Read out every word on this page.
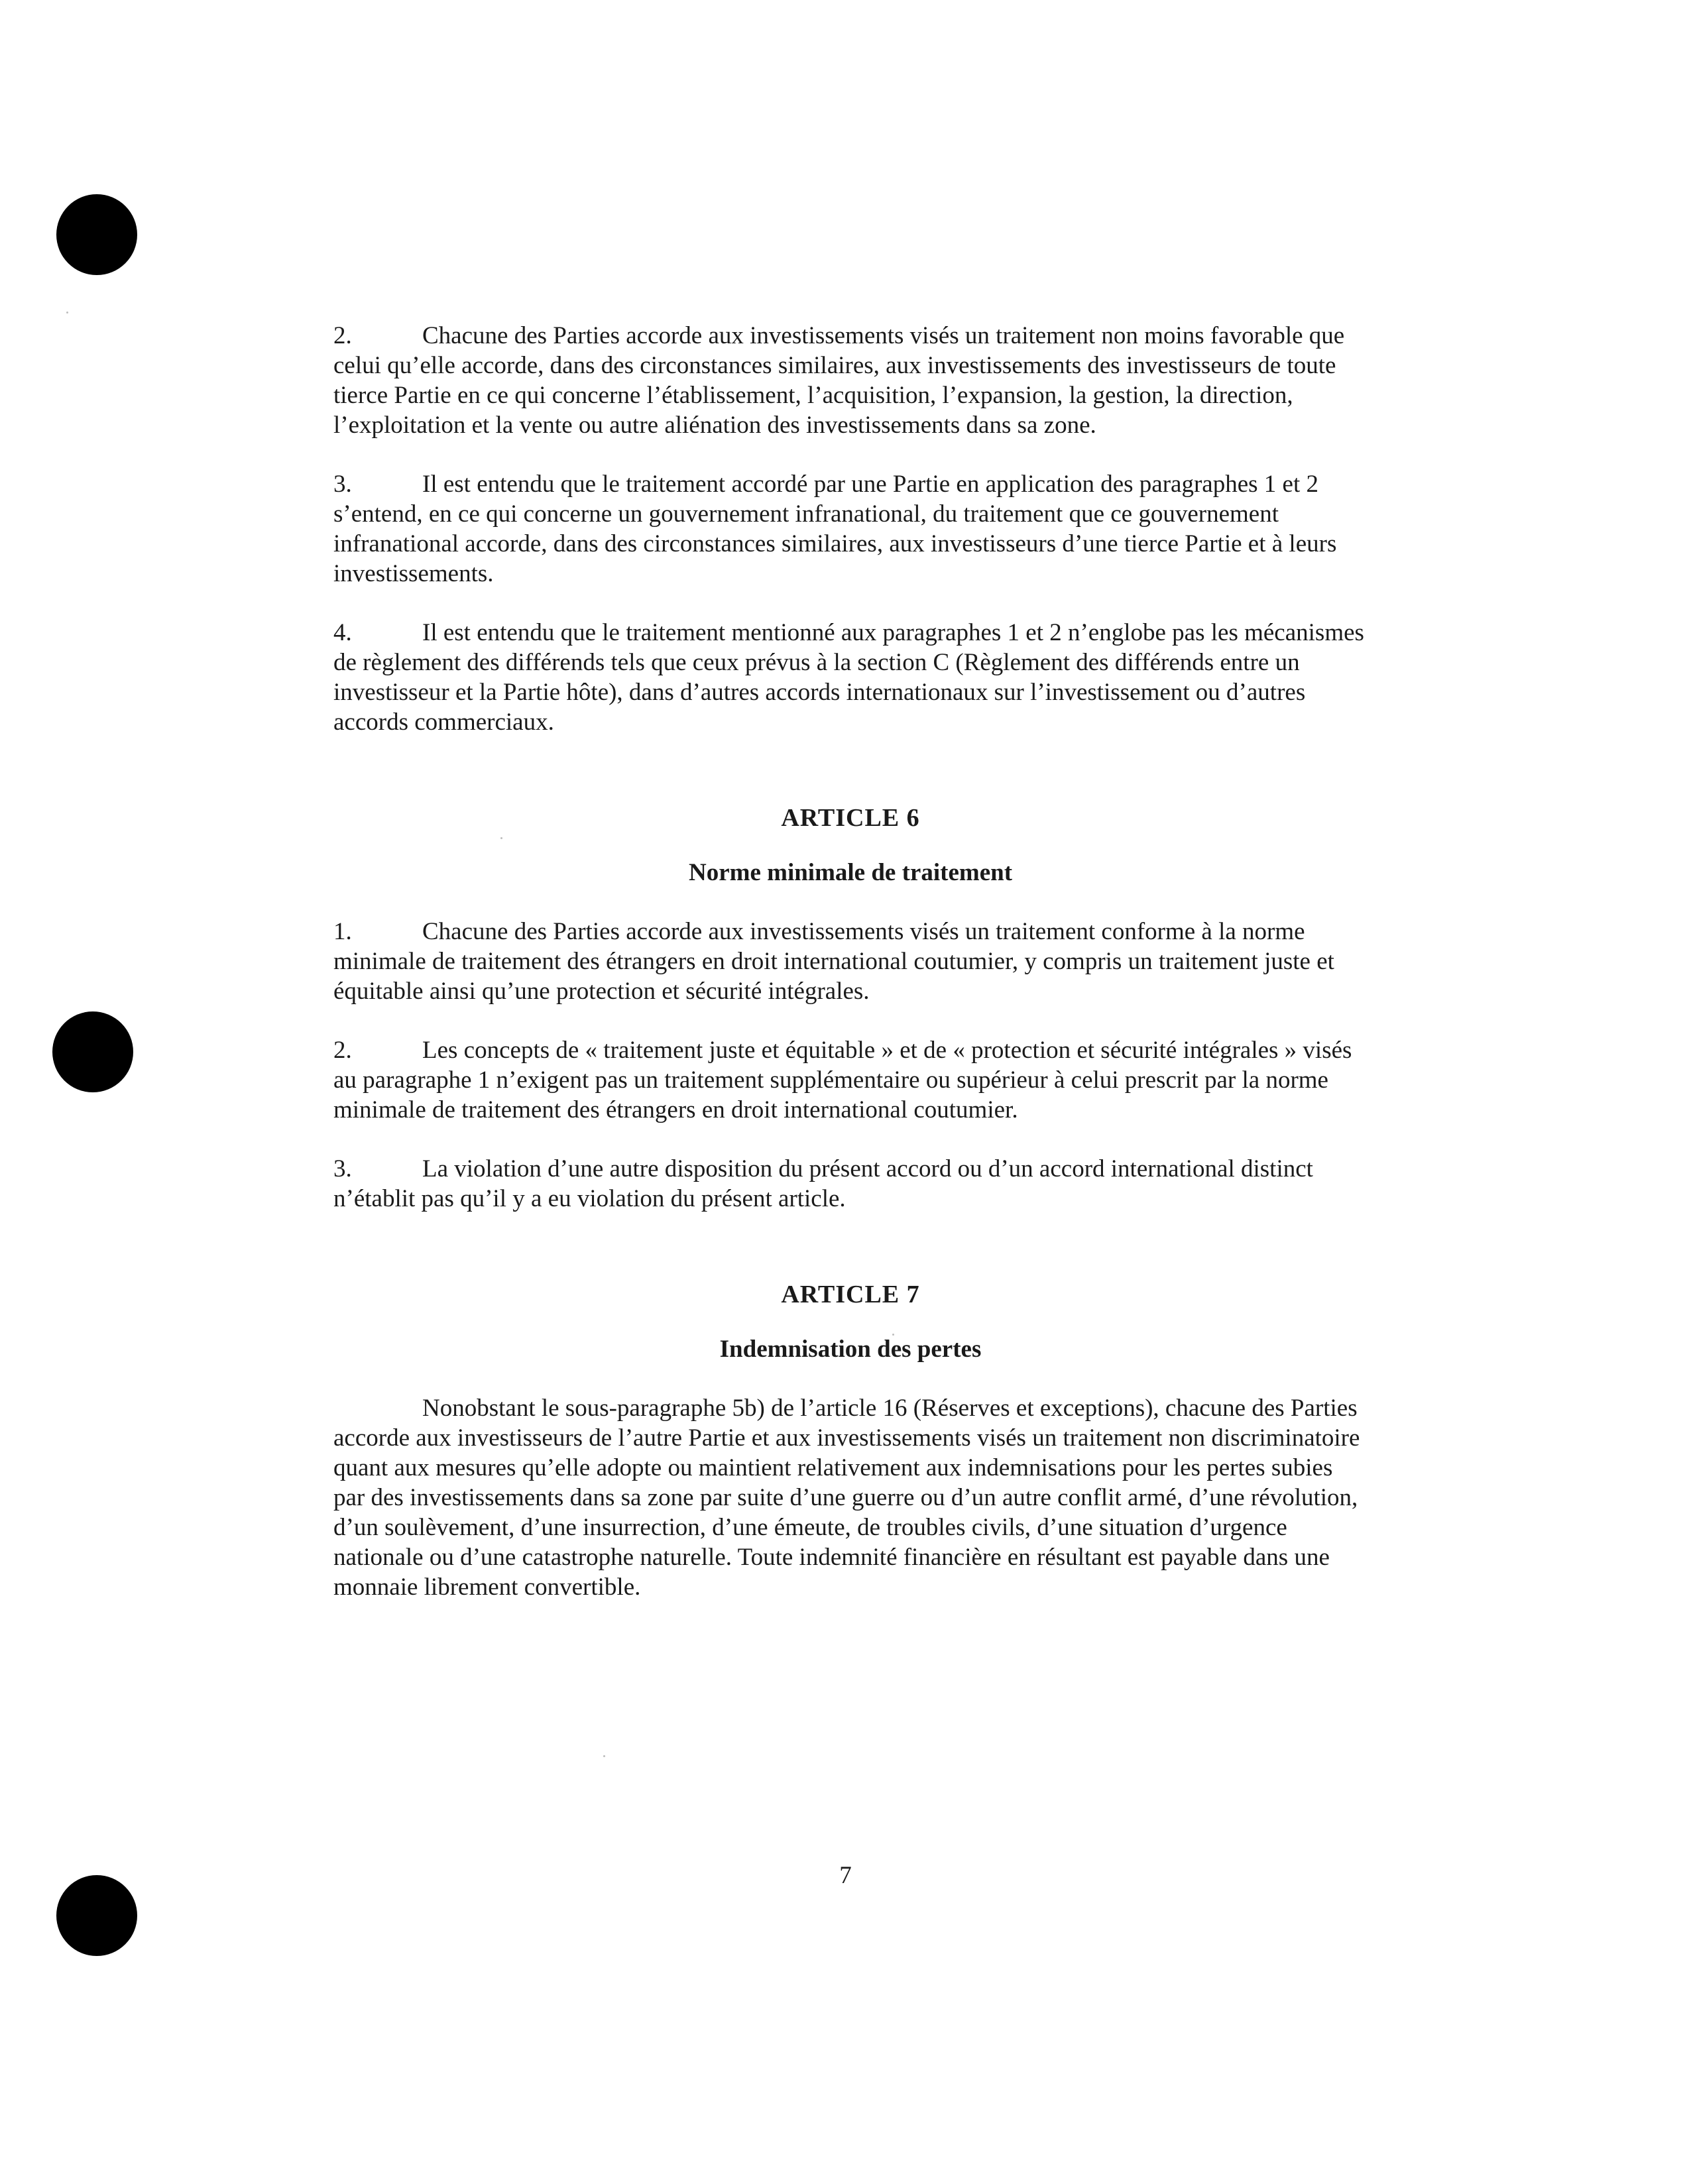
2.	Chacune des Parties accorde aux investissements visés un traitement non moins favorable que celui qu’elle accorde, dans des circonstances similaires, aux investissements des investisseurs de toute tierce Partie en ce qui concerne l’établissement, l’acquisition, l’expansion, la gestion, la direction, l’exploitation et la vente ou autre aliénation des investissements dans sa zone.

3.	Il est entendu que le traitement accordé par une Partie en application des paragraphes 1 et 2 s’entend, en ce qui concerne un gouvernement infranational, du traitement que ce gouvernement infranational accorde, dans des circonstances similaires, aux investisseurs d’une tierce Partie et à leurs investissements.

4.	Il est entendu que le traitement mentionné aux paragraphes 1 et 2 n’englobe pas les mécanismes de règlement des différends tels que ceux prévus à la section C (Règlement des différends entre un investisseur et la Partie hôte), dans d’autres accords internationaux sur l’investissement ou d’autres accords commerciaux.

ARTICLE 6
Norme minimale de traitement

1.	Chacune des Parties accorde aux investissements visés un traitement conforme à la norme minimale de traitement des étrangers en droit international coutumier, y compris un traitement juste et équitable ainsi qu’une protection et sécurité intégrales.

2.	Les concepts de « traitement juste et équitable » et de « protection et sécurité intégrales » visés au paragraphe 1 n’exigent pas un traitement supplémentaire ou supérieur à celui prescrit par la norme minimale de traitement des étrangers en droit international coutumier.

3.	La violation d’une autre disposition du présent accord ou d’un accord international distinct n’établit pas qu’il y a eu violation du présent article.

ARTICLE 7
Indemnisation des pertes

Nonobstant le sous-paragraphe 5b) de l’article 16 (Réserves et exceptions), chacune des Parties accorde aux investisseurs de l’autre Partie et aux investissements visés un traitement non discriminatoire quant aux mesures qu’elle adopte ou maintient relativement aux indemnisations pour les pertes subies par des investissements dans sa zone par suite d’une guerre ou d’un autre conflit armé, d’une révolution, d’un soulèvement, d’une insurrection, d’une émeute, de troubles civils, d’une situation d’urgence nationale ou d’une catastrophe naturelle. Toute indemnité financière en résultant est payable dans une monnaie librement convertible.

7
